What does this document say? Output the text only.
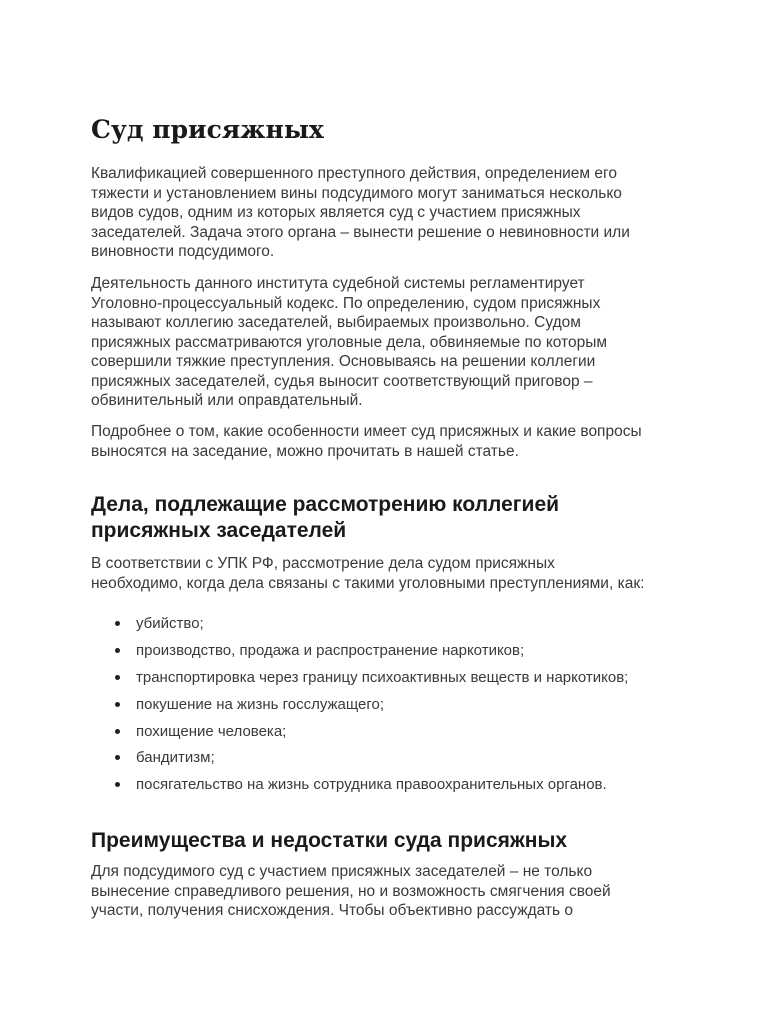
Суд присяжных

Квалификацией совершенного преступного действия, определением его
тяжести и установлением вины подсудимого могут заниматься несколько
видов судов, одним из которых является суд с участием присяжных
заседателей. Задача этого органа – вынести решение о невиновности или
виновности подсудимого.

Деятельность данного института судебной системы регламентирует
Уголовно-процессуальный кодекс. По определению, судом присяжных
называют коллегию заседателей, выбираемых произвольно. Судом
присяжных рассматриваются уголовные дела, обвиняемые по которым
совершили тяжкие преступления. Основываясь на решении коллегии
присяжных заседателей, судья выносит соответствующий приговор –
обвинительный или оправдательный.

Подробнее о том, какие особенности имеет суд присяжных и какие вопросы
выносятся на заседание, можно прочитать в нашей статье.

Дела, подлежащие рассмотрению коллегией
присяжных заседателей

В соответствии с УПК РФ, рассмотрение дела судом присяжных
необходимо, когда дела связаны с такими уголовными преступлениями, как:

убийство;
производство, продажа и распространение наркотиков;
транспортировка через границу психоактивных веществ и наркотиков;
покушение на жизнь госслужащего;
похищение человека;
бандитизм;
посягательство на жизнь сотрудника правоохранительных органов.
Преимущества и недостатки суда присяжных

Для подсудимого суд с участием присяжных заседателей – не только
вынесение справедливого решения, но и возможность смягчения своей
участи, получения снисхождения. Чтобы объективно рассуждать о
